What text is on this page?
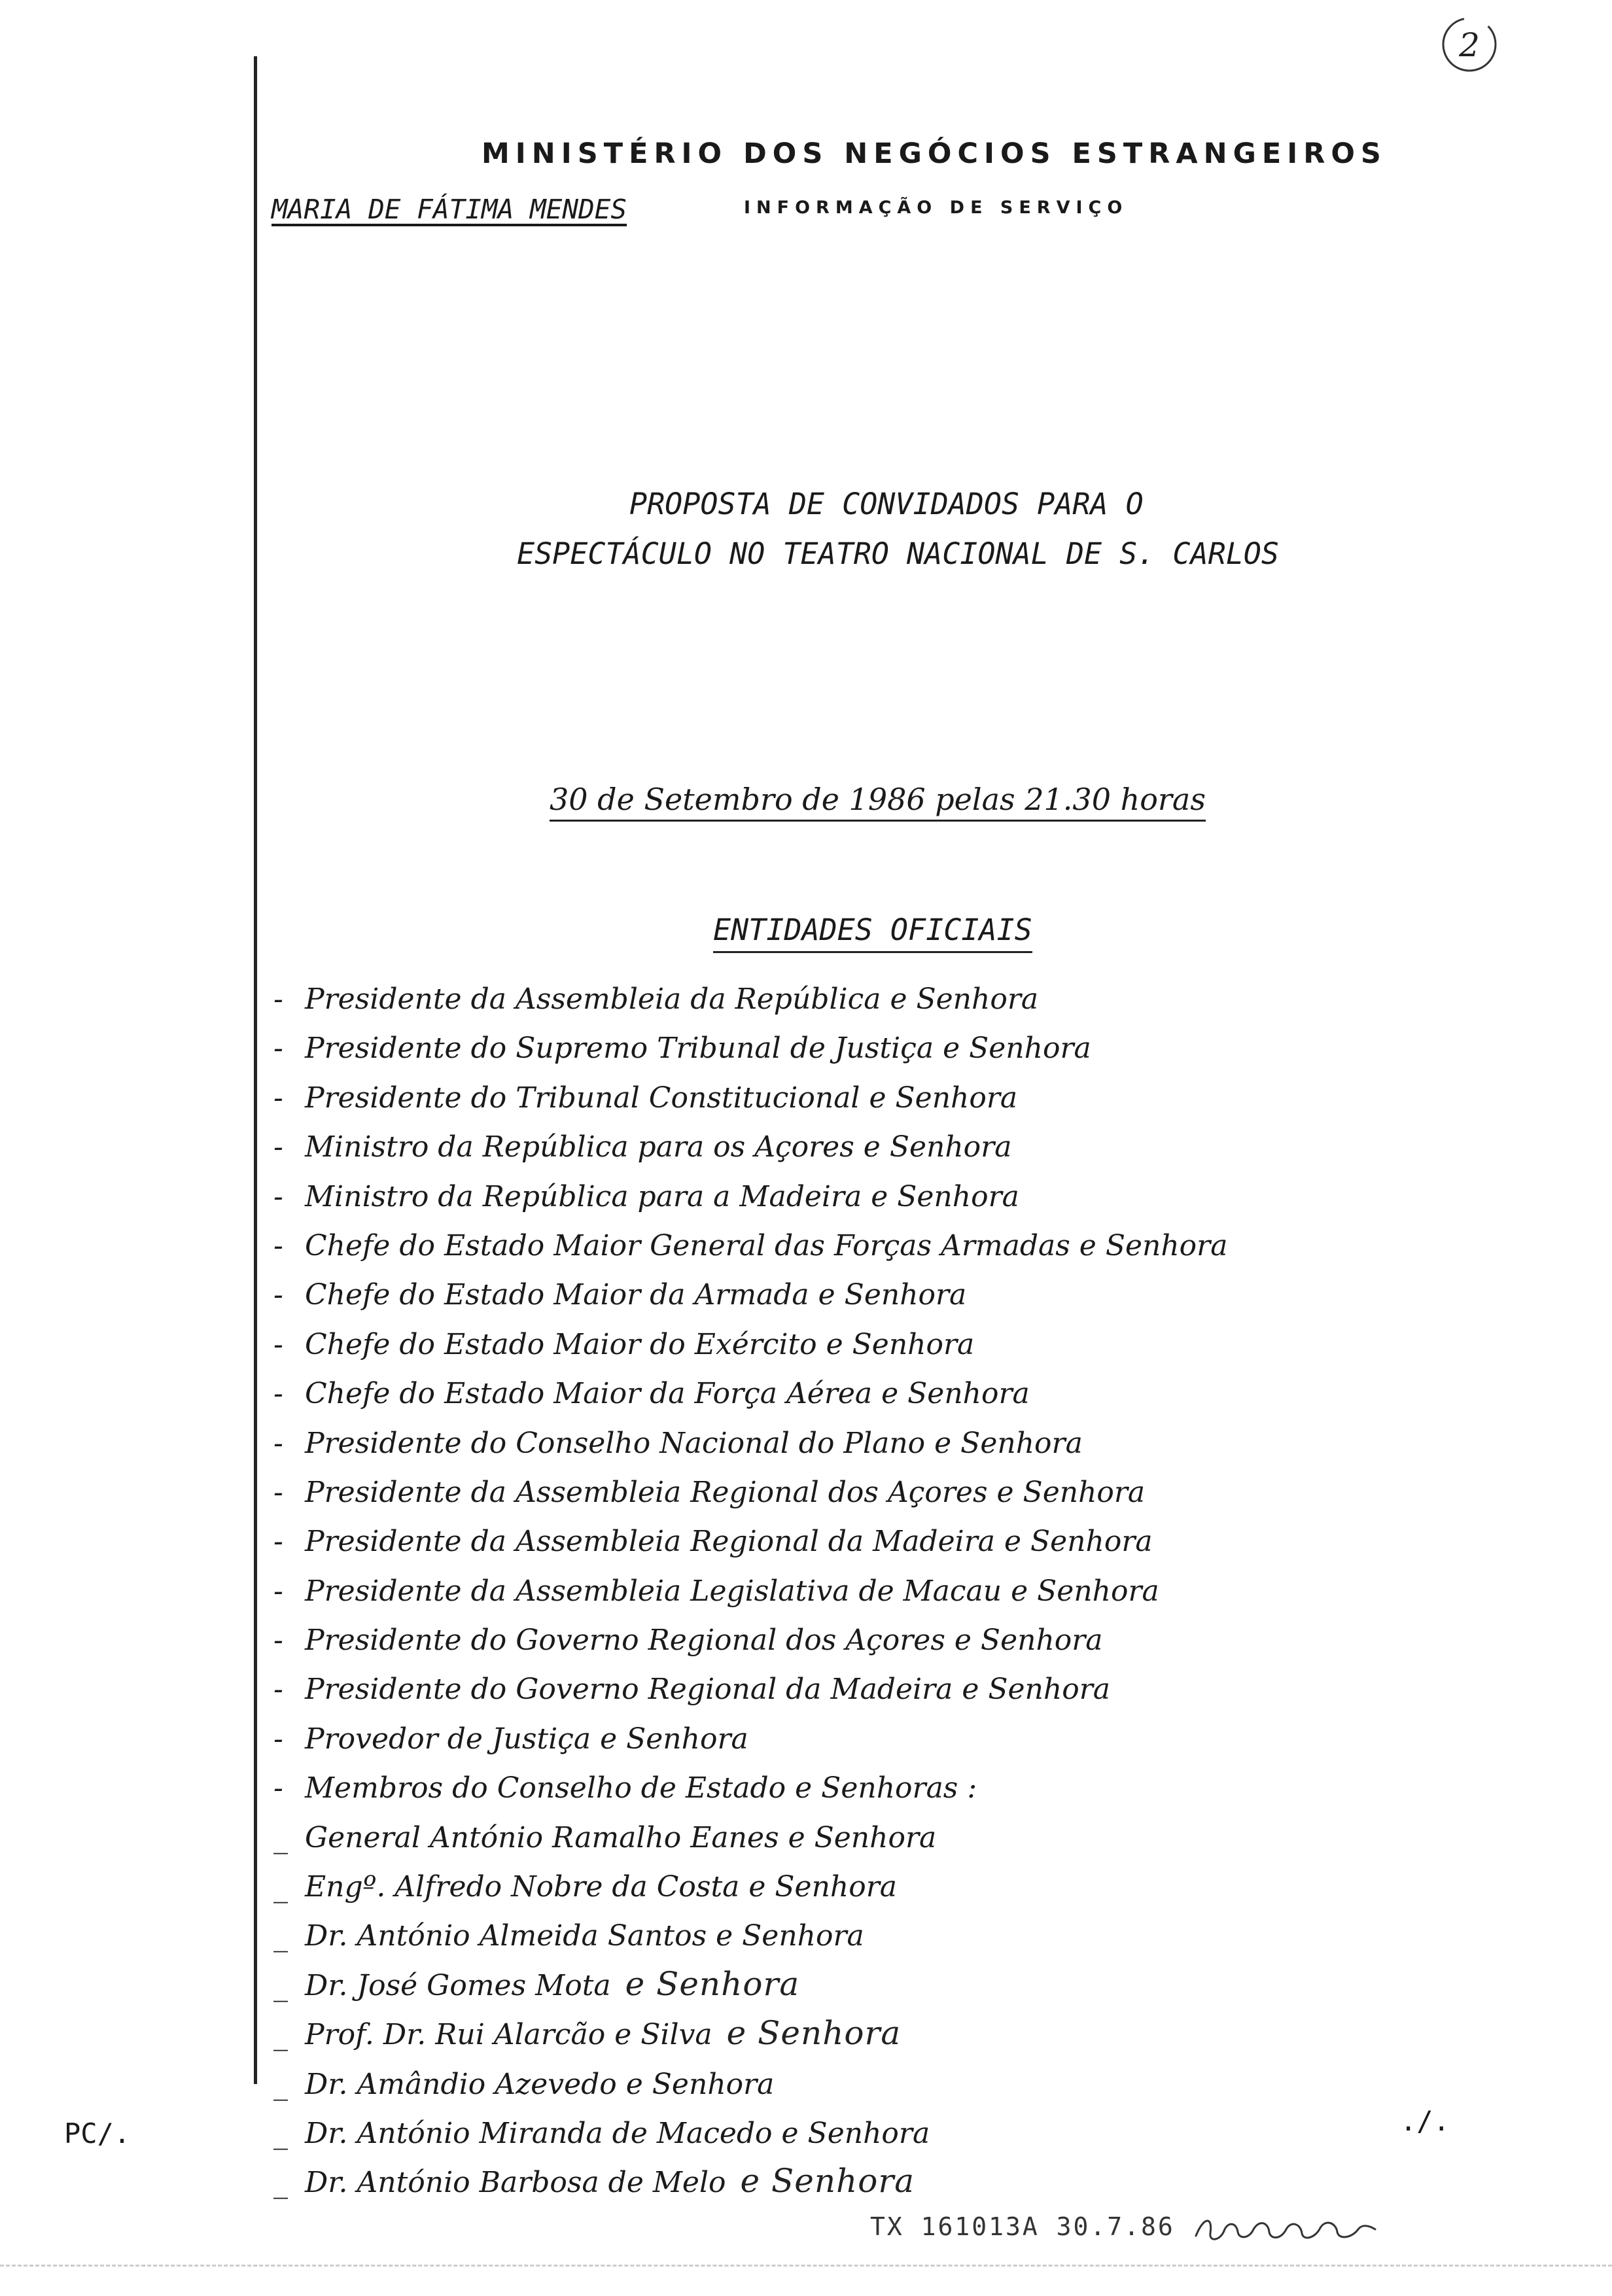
2
MINISTÉRIO DOS NEGÓCIOS ESTRANGEIROS
MARIA DE FÁTIMA MENDES	INFORMAÇÃO DE SERVIÇO
PROPOSTA DE CONVIDADOS PARA O
ESPECTÁCULO NO TEATRO NACIONAL DE S. CARLOS
30 de Setembro de 1986 pelas 21.30 horas
ENTIDADES OFICIAIS
- Presidente da Assembleia da República e Senhora
- Presidente do Supremo Tribunal de Justiça e Senhora
- Presidente do Tribunal Constitucional e Senhora
- Ministro da República para os Açores e Senhora
- Ministro da República para a Madeira e Senhora
- Chefe do Estado Maior General das Forças Armadas e Senhora
- Chefe do Estado Maior da Armada e Senhora
- Chefe do Estado Maior do Exército e Senhora
- Chefe do Estado Maior da Força Aérea e Senhora
- Presidente do Conselho Nacional do Plano e Senhora
- Presidente da Assembleia Regional dos Açores e Senhora
- Presidente da Assembleia Regional da Madeira e Senhora
- Presidente da Assembleia Legislativa de Macau e Senhora
- Presidente do Governo Regional dos Açores e Senhora
- Presidente do Governo Regional da Madeira e Senhora
- Provedor de Justiça e Senhora
- Membros do Conselho de Estado e Senhoras :
_ General António Ramalho Eanes e Senhora
_ Engº. Alfredo Nobre da Costa e Senhora
_ Dr. António Almeida Santos e Senhora
_ Dr. José Gomes Mota e Senhora
_ Prof. Dr. Rui Alarcão e Silva e Senhora
_ Dr. Amândio Azevedo e Senhora
_ Dr. António Miranda de Macedo e Senhora
_ Dr. António Barbosa de Melo e Senhora
PC/.	./.
TX 161013A 30.7.86
